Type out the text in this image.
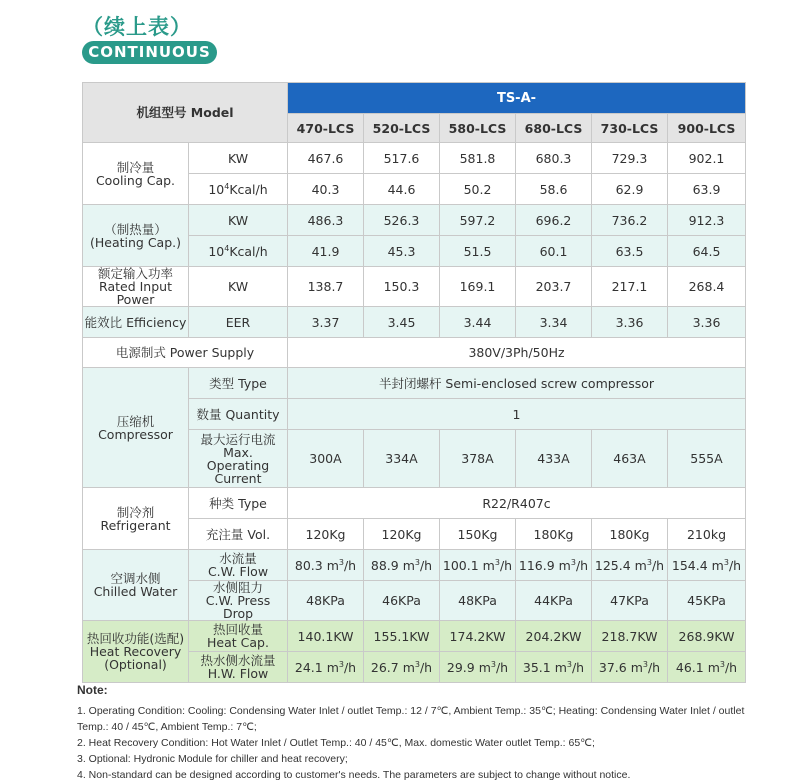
（续上表）
CONTINUOUS
机组型号 Model		TS-A-					
		470-LCS	520-LCS	580-LCS	680-LCS	730-LCS	900-LCS
制冷量
Cooling Cap.	KW	467.6	517.6	581.8	680.3	729.3	902.1
	$10^4Kcal/h$	40.3	44.6	50.2	58.6	62.9	63.9
（制热量）
(Heating Cap.)	KW	486.3	526.3	597.2	696.2	736.2	912.3
	$10^4Kcal/h$	41.9	45.3	51.5	60.1	63.5	64.5
额定输入功率
Rated Input Power	KW	138.7	150.3	169.1	203.7	217.1	268.4
能效比 Efficiency	EER	3.37	3.45	3.44	3.34	3.36	3.36
电源制式 Power Supply		380V/3Ph/50Hz					
压缩机
Compressor	类型 Type	半封闭螺杆 Semi-enclosed screw compressor					
	数量 Quantity	1					
	最大运行电流
Max.
Operating
Current	300A	334A	378A	433A	463A	555A
制冷剂
Refrigerant	种类 Type	R22/R407c					
	充注量 Vol.	120Kg	120Kg	150Kg	180Kg	180Kg	210kg
空调水侧
Chilled Water	水流量
C.W. Flow	80.3 $m^3/h$	88.9 $m^3/h$	100.1 $m^3/h$	116.9 $m^3/h$	125.4 $m^3/h$	154.4 $m^3/h$
	水侧阻力
C.W. Press Drop	48KPa	46KPa	48KPa	44KPa	47KPa	45KPa
热回收功能(选配)
Heat Recovery
(Optional)	热回收量
Heat Cap.	140.1KW	155.1KW	174.2KW	204.2KW	218.7KW	268.9KW
	热水侧水流量
H.W. Flow	24.1 $m^3/h$	26.7 $m^3/h$	29.9 $m^3/h$	35.1 $m^3/h$	37.6 $m^3/h$	46.1 $m^3/h$
Note:
1. Operating Condition: Cooling: Condensing Water Inlet / outlet Temp.: 12 / 7℃, Ambient Temp.: 35℃; Heating: Condensing Water Inlet / outlet
Temp.: 40 / 45℃, Ambient Temp.: 7℃;
2. Heat Recovery Condition: Hot Water Inlet / Outlet Temp.: 40 / 45℃, Max. domestic Water outlet Temp.: 65℃;
3. Optional: Hydronic Module for chiller and heat recovery;
4. Non-standard can be designed according to customer's needs. The parameters are subject to change without notice.
